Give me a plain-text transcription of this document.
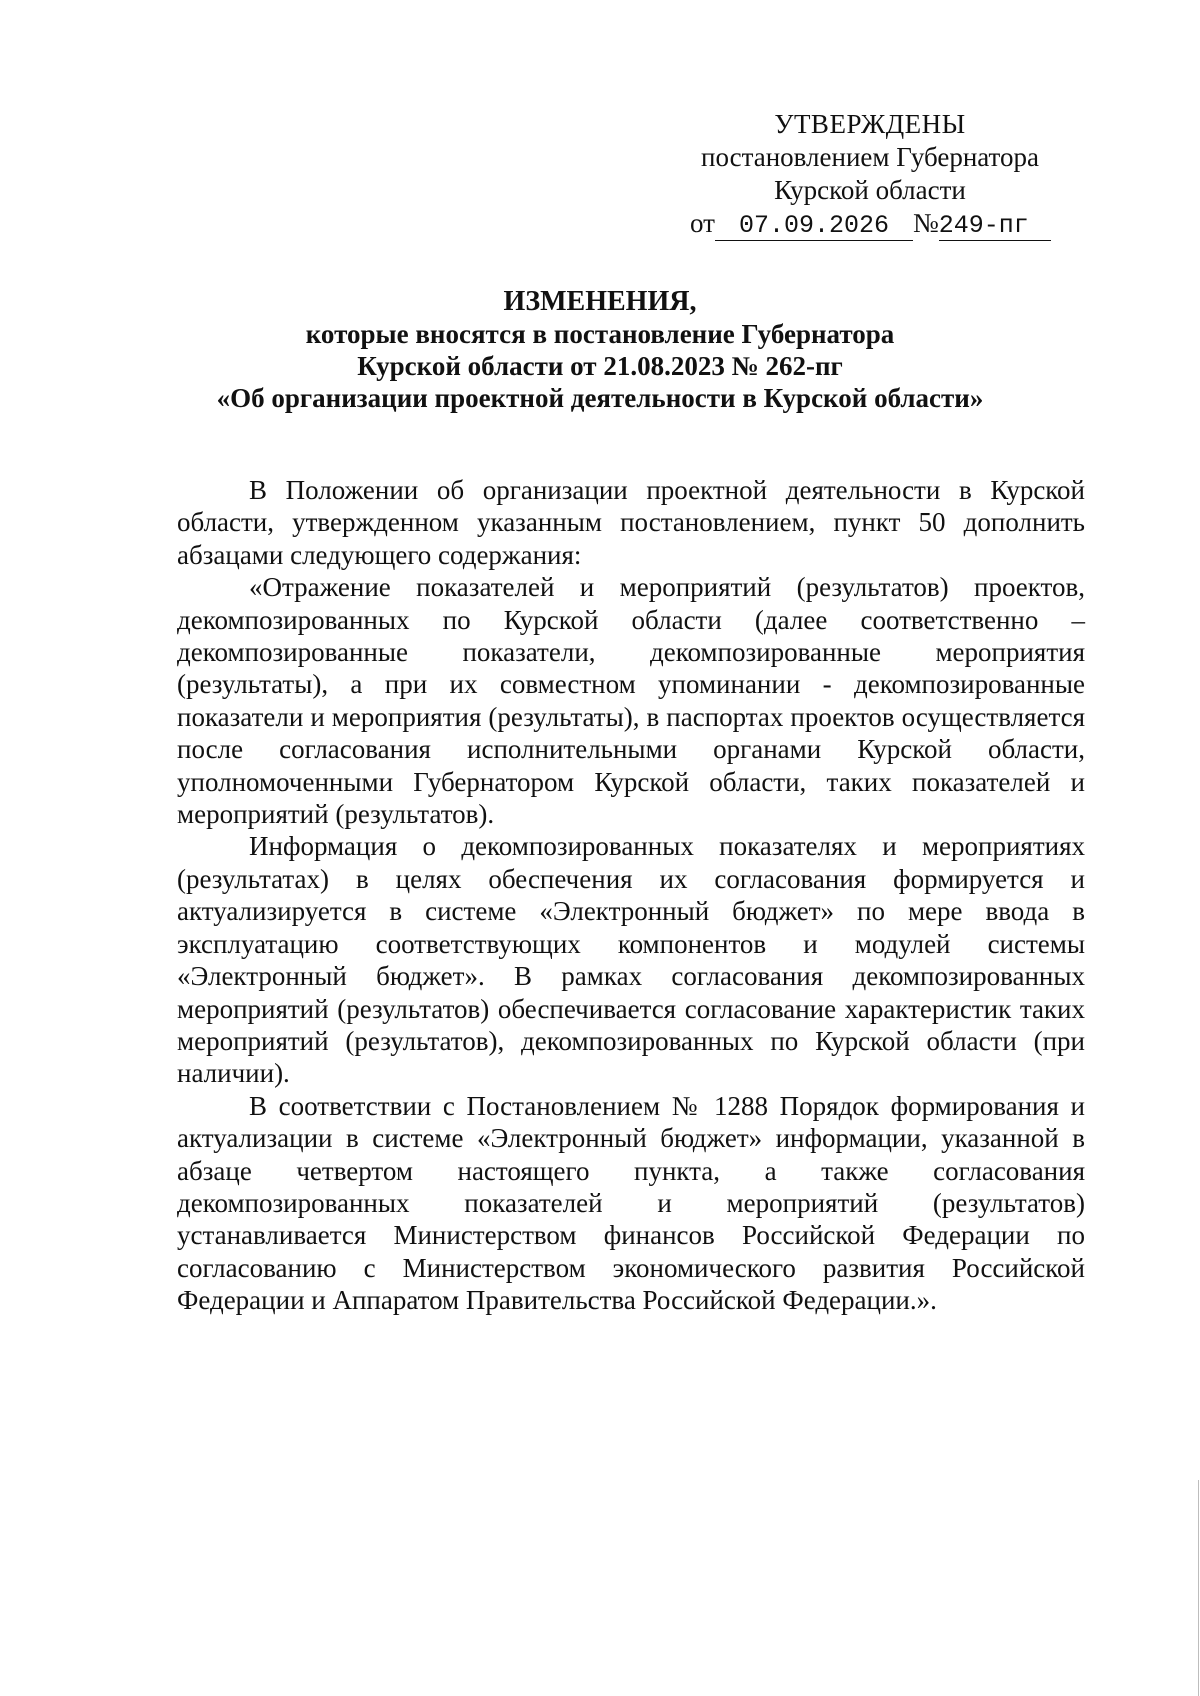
УТВЕРЖДЕНЫ
постановлением Губернатора
Курской области
от 07.09.2026 №249-пг
ИЗМЕНЕНИЯ,
которые вносятся в постановление Губернатора
Курской области от 21.08.2023 № 262-пг
«Об организации проектной деятельности в Курской области»

В Положении об организации проектной деятельности в Курской области, утвержденном указанным постановлением, пункт 50 дополнить абзацами следующего содержания:

«Отражение показателей и мероприятий (результатов) проектов, декомпозированных по Курской области (далее соответственно – декомпозированные показатели, декомпозированные мероприятия (результаты), а при их совместном упоминании - декомпозированные показатели и мероприятия (результаты), в паспортах проектов осуществляется после согласования исполнительными органами Курской области, уполномоченными Губернатором Курской области, таких показателей и мероприятий (результатов).

Информация о декомпозированных показателях и мероприятиях (результатах) в целях обеспечения их согласования формируется и актуализируется в системе «Электронный бюджет» по мере ввода в эксплуатацию соответствующих компонентов и модулей системы «Электронный бюджет». В рамках согласования декомпозированных мероприятий (результатов) обеспечивается согласование характеристик таких мероприятий (результатов), декомпозированных по Курской области (при наличии).

В соответствии с Постановлением № 1288 Порядок формирования и актуализации в системе «Электронный бюджет» информации, указанной в абзаце четвертом настоящего пункта, а также согласования декомпозированных показателей и мероприятий (результатов) устанавливается Министерством финансов Российской Федерации по согласованию с Министерством экономического развития Российской Федерации и Аппаратом Правительства Российской Федерации.».
